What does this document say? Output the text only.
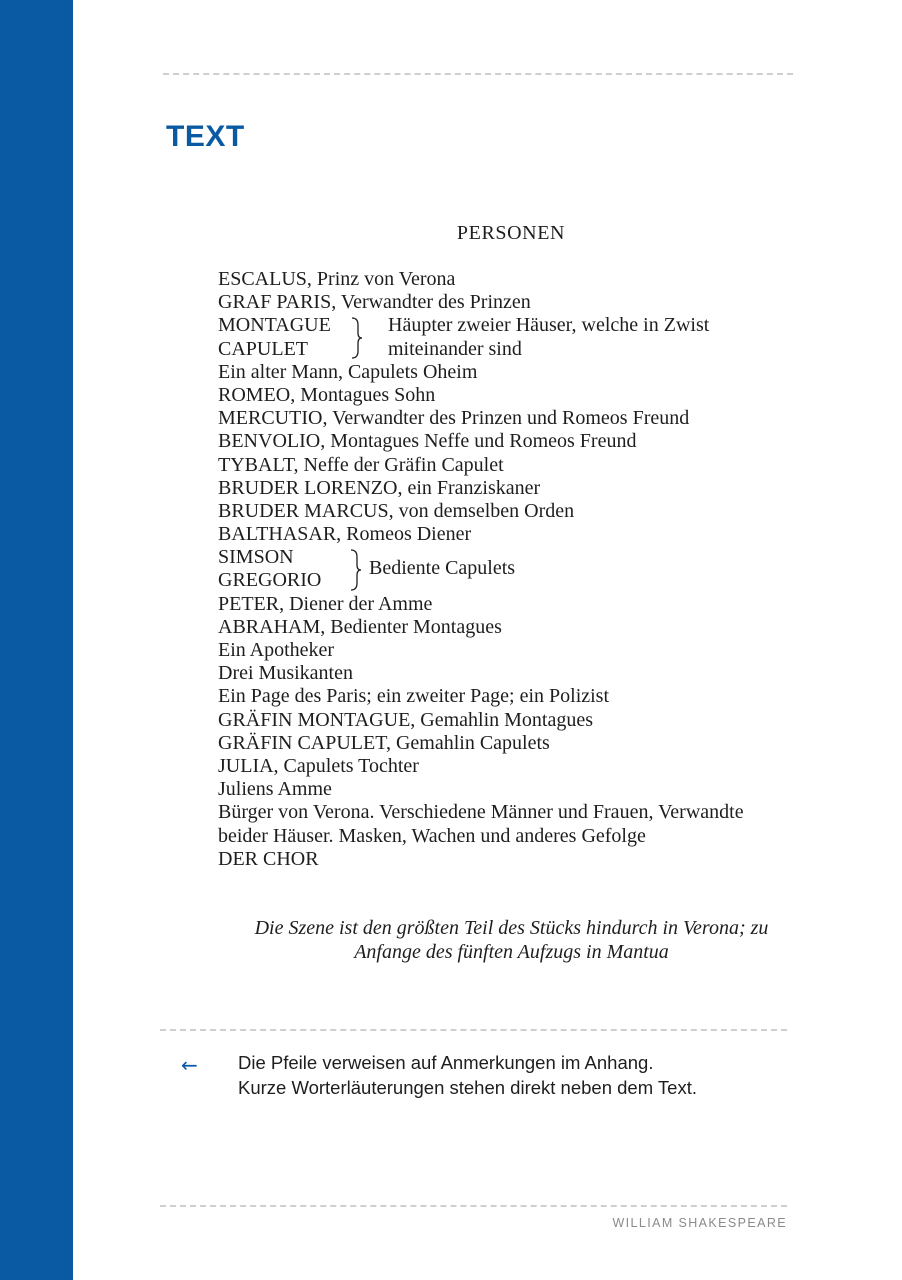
TEXT
PERSONEN
ESCALUS, Prinz von Verona
GRAF PARIS, Verwandter des Prinzen
MONTAGUE
CAPULET
Häupter zweier Häuser, welche in Zwist
miteinander sind
Ein alter Mann, Capulets Oheim
ROMEO, Montagues Sohn
MERCUTIO, Verwandter des Prinzen und Romeos Freund
BENVOLIO, Montagues Neffe und Romeos Freund
TYBALT, Neffe der Gräfin Capulet
BRUDER LORENZO, ein Franziskaner
BRUDER MARCUS, von demselben Orden
BALTHASAR, Romeos Diener
SIMSON
GREGORIO
Bediente Capulets
PETER, Diener der Amme
ABRAHAM, Bedienter Montagues
Ein Apotheker
Drei Musikanten
Ein Page des Paris; ein zweiter Page; ein Polizist
GRÄFIN MONTAGUE, Gemahlin Montagues
GRÄFIN CAPULET, Gemahlin Capulets
JULIA, Capulets Tochter
Juliens Amme
Bürger von Verona. Verschiedene Männer und Frauen, Verwandte
beider Häuser. Masken, Wachen und anderes Gefolge
DER CHOR
Die Szene ist den größten Teil des Stücks hindurch in Verona; zu
Anfange des fünften Aufzugs in Mantua
← Die Pfeile verweisen auf Anmerkungen im Anhang.
Kurze Worterläuterungen stehen direkt neben dem Text.
WILLIAM SHAKESPEARE
